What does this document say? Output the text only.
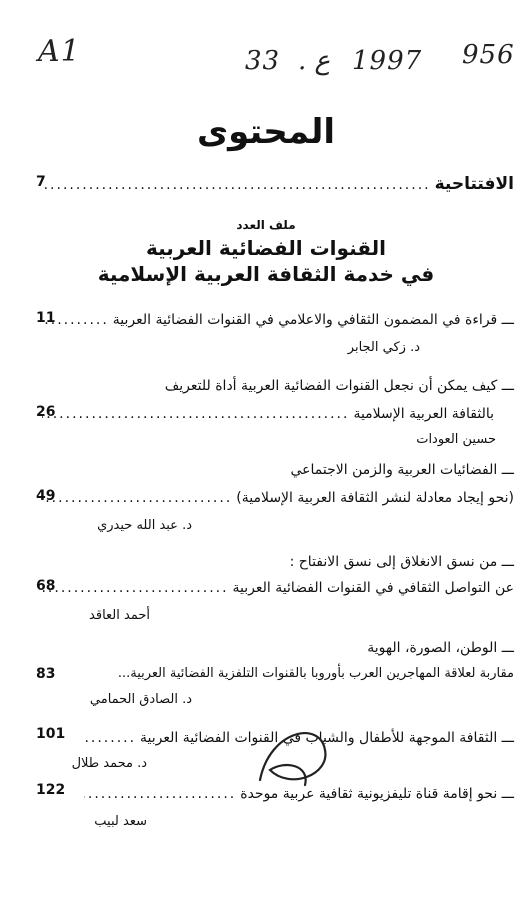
A1	33 . ع 1997 956
المحتوى
الافتتاحية
.....
7
ملف العدد
القنوات الفضائية العربية
في خدمة الثقافة العربية الإسلامية
ـــ قراءة في المضمون الثقافي والاعلامي في القنوات الفضائية العربية
.....
11
د. زكي الجابر
ـــ كيف يمكن أن نجعل القنوات الفضائية العربية أداة للتعريف
بالثقافة العربية الإسلامية
.....
26
حسين العودات
ـــ الفضائيات العربية والزمن الاجتماعي
(نحو إيجاد معادلة لنشر الثقافة العربية الإسلامية)
.....
49
د. عبد الله حيدري
ـــ من نسق الانغلاق إلى نسق الانفتاح :
عن التواصل الثقافي في القنوات الفضائية العربية
.....
68
أحمد العاقد
ـــ الوطن، الصورة، الهوية
مقاربة لعلاقة المهاجرين العرب بأوروبا بالقنوات التلفزية الفضائية العربية...
83
د. الصادق الحمامي
ـــ الثقافة الموجهة للأطفال والشباب في القنوات الفضائية العربية
.....
101
د. محمد طلال
ـــ نحو إقامة قناة تليفزيونية ثقافية عربية موحدة
.....
122
سعد لبيب
